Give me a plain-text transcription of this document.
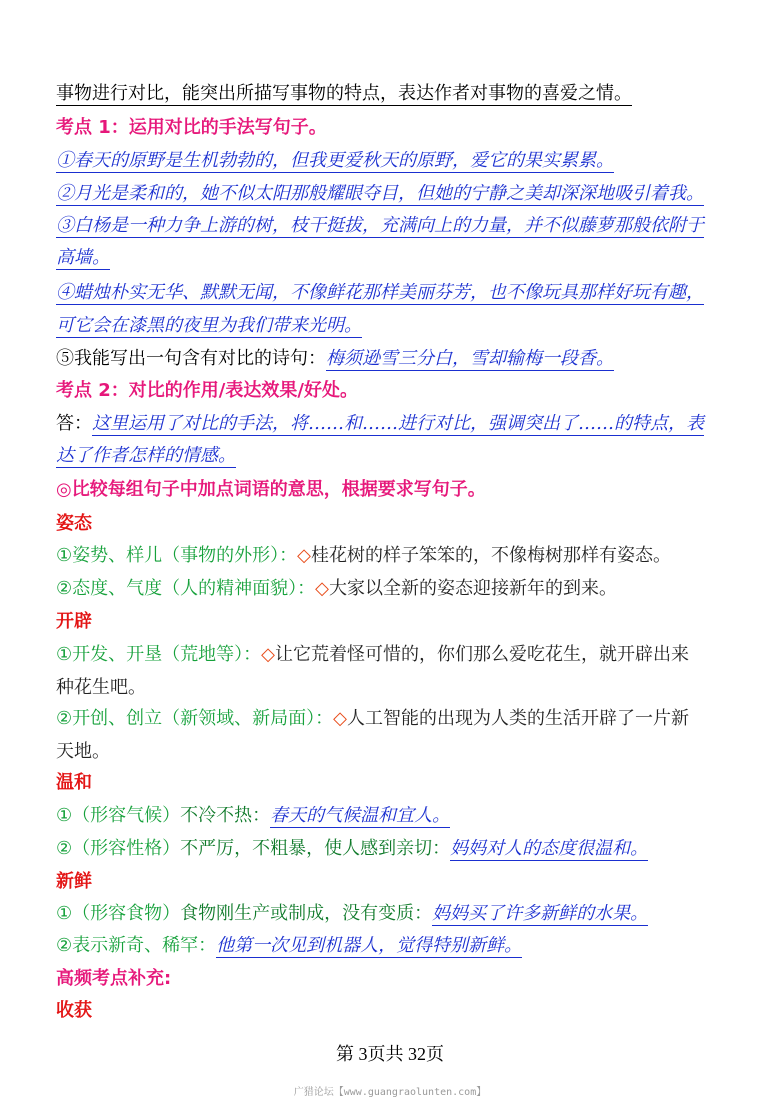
事物进行对比，能突出所描写事物的特点，表达作者对事物的喜爱之情。
考点 1：运用对比的手法写句子。
①春天的原野是生机勃勃的，但我更爱秋天的原野，爱它的果实累累。
②月光是柔和的，她不似太阳那般耀眼夺目，但她的宁静之美却深深地吸引着我。
③白杨是一种力争上游的树，枝干挺拔，充满向上的力量，并不似藤萝那般依附于
高墙。
④蜡烛朴实无华、默默无闻，不像鲜花那样美丽芬芳，也不像玩具那样好玩有趣，
可它会在漆黑的夜里为我们带来光明。
⑤我能写出一句含有对比的诗句：梅须逊雪三分白，雪却输梅一段香。
考点 2：对比的作用/表达效果/好处。
答：这里运用了对比的手法，将……和……进行对比，强调突出了……的特点，表
达了作者怎样的情感。
◎比较每组句子中加点词语的意思，根据要求写句子。
姿态
①姿势、样儿（事物的外形）：◇桂花树的样子笨笨的，不像梅树那样有姿态。
②态度、气度（人的精神面貌）：◇大家以全新的姿态迎接新年的到来。
开辟
①开发、开垦（荒地等）：◇让它荒着怪可惜的，你们那么爱吃花生，就开辟出来
种花生吧。
②开创、创立（新领域、新局面）：◇人工智能的出现为人类的生活开辟了一片新
天地。
温和
①（形容气候）不冷不热：春天的气候温和宜人。
②（形容性格）不严厉，不粗暴，使人感到亲切：妈妈对人的态度很温和。
新鲜
①（形容食物）食物刚生产或制成，没有变质：妈妈买了许多新鲜的水果。
②表示新奇、稀罕：他第一次见到机器人，觉得特别新鲜。
高频考点补充:
收获
第 3页共 32页
广猎论坛【www.guangraolunten.com】
